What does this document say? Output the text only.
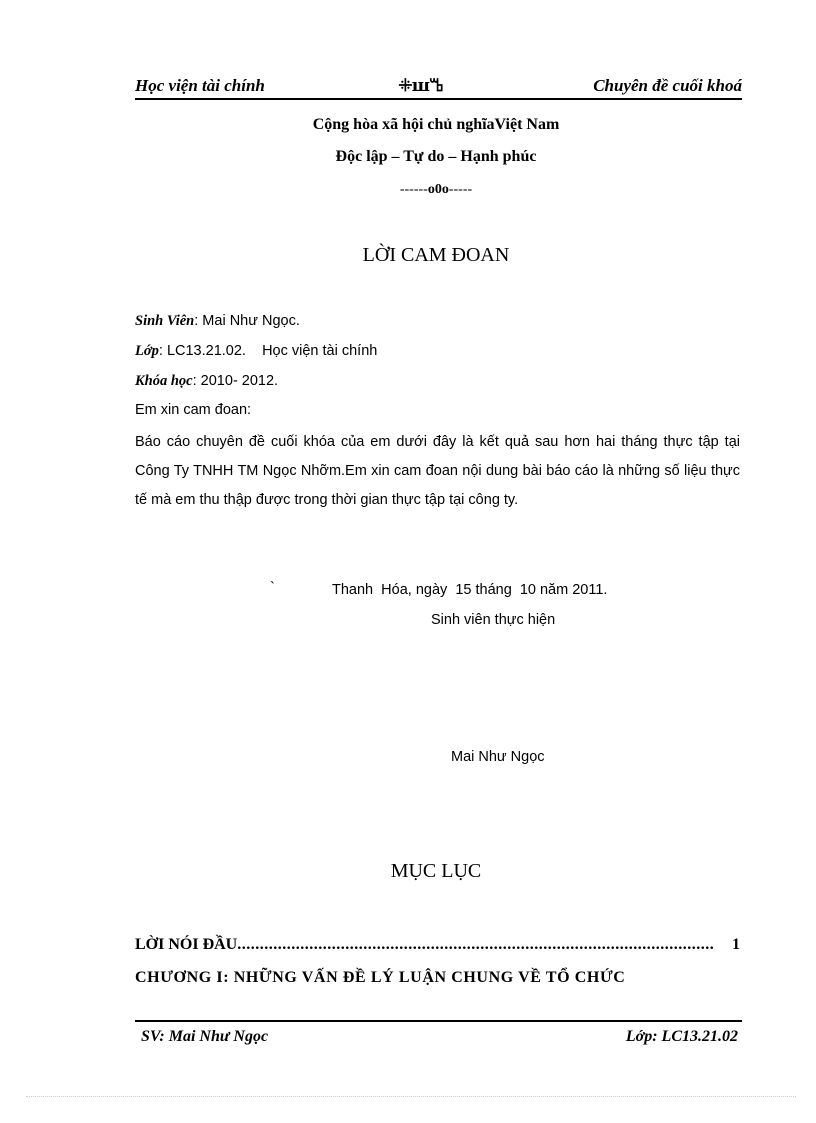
Học viện tài chính	ꔰꟺꕰ	Chuyên đề cuối khoá
Cộng hòa xã hội chủ nghĩaViệt Nam
Độc lập – Tự do – Hạnh phúc
------o0o-----
LỜI CAM ĐOAN
Sinh Viên: Mai Như Ngọc.
Lớp: LC13.21.02.    Học viện tài chính
Khóa học: 2010- 2012.
Em xin cam đoan:
Báo cáo chuyên đề cuối khóa của em dưới đây là kết quả sau hơn hai tháng thực tập tại Công Ty TNHH TM Ngọc Nhỡm.Em xin cam đoan nội dung bài báo cáo là những số liệu thực tế mà em thu thập được trong thời gian thực tập tại công ty.
`	Thanh  Hóa, ngày  15 tháng  10 năm 2011.
Sinh viên thực hiện
Mai Như Ngọc
MỤC LỤC
LỜI NÓI ĐẦU ..........................................................................................................	1
CHƯƠNG I: NHỮNG VẤN ĐỀ LÝ LUẬN CHUNG VỀ TỔ CHỨC
SV: Mai Như Ngọc	Lớp: LC13.21.02
